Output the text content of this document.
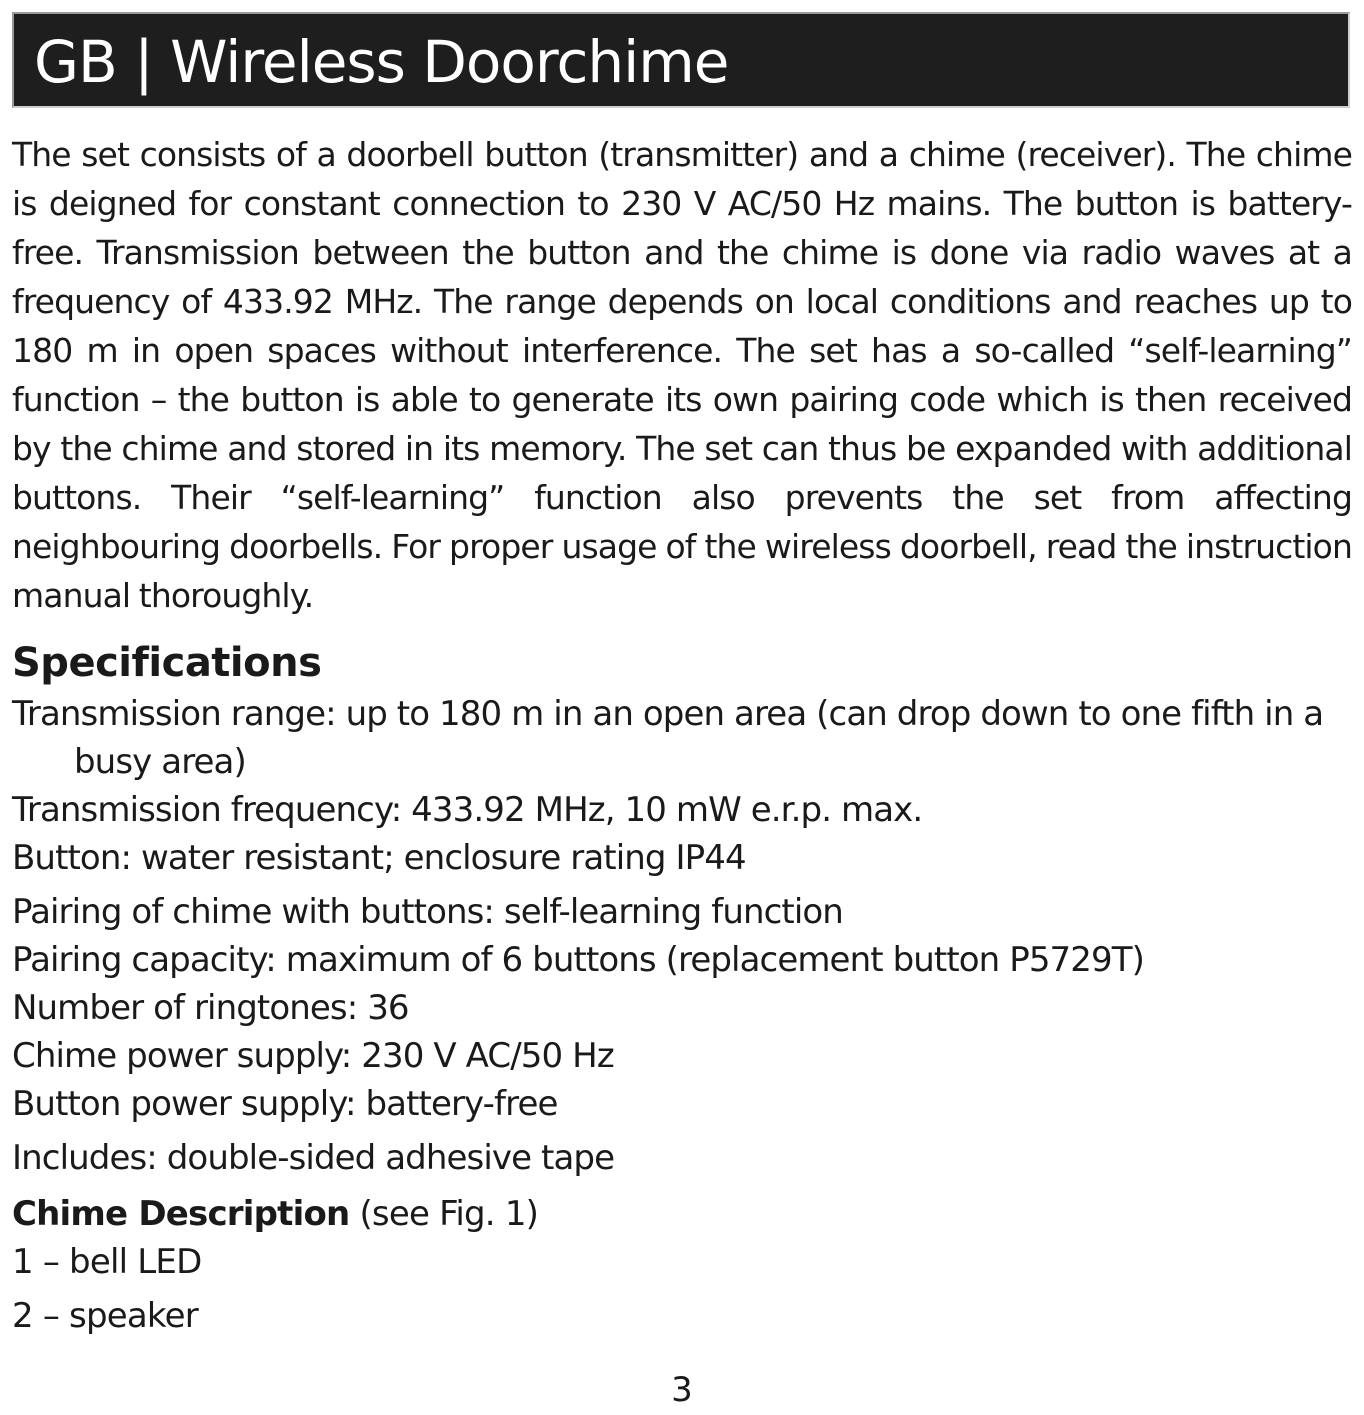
GB | Wireless Doorchime

The set consists of a doorbell button (transmitter) and a chime (receiver). The chime is deigned for constant connection to 230 V AC/50 Hz mains. The button is battery-free. Transmission between the button and the chime is done via radio waves at a frequency of 433.92 MHz. The range depends on local conditions and reaches up to 180 m in open spaces without interference. The set has a so-called “self-learning” function – the button is able to generate its own pairing code which is then received by the chime and stored in its memory. The set can thus be expanded with additional buttons. Their “self-learning” function also prevents the set from affecting neighbouring doorbells. For proper usage of the wireless doorbell, read the instruction manual thoroughly.

Specifications
Transmission range: up to 180 m in an open area (can drop down to one fifth in a busy area)
Transmission frequency: 433.92 MHz, 10 mW e.r.p. max.
Button: water resistant; enclosure rating IP44
Pairing of chime with buttons: self-learning function
Pairing capacity: maximum of 6 buttons (replacement button P5729T)
Number of ringtones: 36
Chime power supply: 230 V AC/50 Hz
Button power supply: battery-free
Includes: double-sided adhesive tape

Chime Description (see Fig. 1)

1 – bell LED

2 – speaker

3
